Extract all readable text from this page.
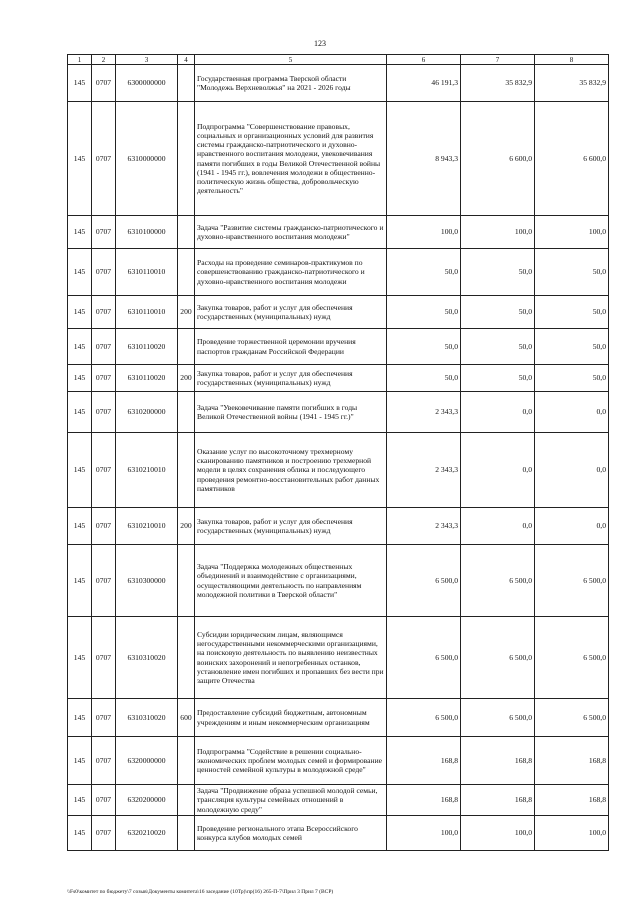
123
1	2	3	4	5	6	7	8
145	0707	6300000000		Государственная программа Тверской области "Молодежь Верхневолжья" на 2021 - 2026 годы	46 191,3	35 832,9	35 832,9
145	0707	6310000000		Подпрограмма "Совершенствование правовых, социальных и организационных условий для развития системы гражданско-патриотического и духовно-нравственного воспитания молодежи, увековечивания памяти погибших в годы Великой Отечественной войны (1941 - 1945 гг.), вовлечения молодежи в общественно-политическую жизнь общества, добровольческую деятельность"	8 943,3	6 600,0	6 600,0
145	0707	6310100000		Задача "Развитие системы гражданско-патриотического и духовно-нравственного воспитания молодежи"	100,0	100,0	100,0
145	0707	6310110010		Расходы на проведение семинаров-практикумов по совершенствованию гражданско-патриотического и духовно-нравственного воспитания молодежи	50,0	50,0	50,0
145	0707	6310110010	200	Закупка товаров, работ и услуг для обеспечения государственных (муниципальных) нужд	50,0	50,0	50,0
145	0707	6310110020		Проведение торжественной церемонии вручения паспортов гражданам Российской Федерации	50,0	50,0	50,0
145	0707	6310110020	200	Закупка товаров, работ и услуг для обеспечения государственных (муниципальных) нужд	50,0	50,0	50,0
145	0707	6310200000		Задача "Увековечивание памяти погибших в годы Великой Отечественной войны (1941 - 1945 гг.)"	2 343,3	0,0	0,0
145	0707	6310210010		Оказание услуг по высокоточному трехмерному сканированию памятников и построению трехмерной модели в целях сохранения облика и последующего проведения ремонтно-восстановительных работ данных памятников	2 343,3	0,0	0,0
145	0707	6310210010	200	Закупка товаров, работ и услуг для обеспечения государственных (муниципальных) нужд	2 343,3	0,0	0,0
145	0707	6310300000		Задача "Поддержка молодежных общественных объединений и взаимодействие с организациями, осуществляющими деятельность по направлениям молодежной политики в Тверской области"	6 500,0	6 500,0	6 500,0
145	0707	6310310020		Субсидии юридическим лицам, являющимся негосударственными некоммерческими организациями, на поисковую деятельность по выявлению неизвестных воинских захоронений и непогребенных останков, установление имен погибших и пропавших без вести при защите Отечества	6 500,0	6 500,0	6 500,0
145	0707	6310310020	600	Предоставление субсидий бюджетным, автономным учреждениям и иным некоммерческим организациям	6 500,0	6 500,0	6 500,0
145	0707	6320000000		Подпрограмма "Содействие в решении социально-экономических проблем молодых семей и формирование ценностей семейной культуры в молодежной среде"	168,8	168,8	168,8
145	0707	6320200000		Задача "Продвижение образа успешной молодой семьи, трансляция культуры семейных отношений в молодежную среду"	168,8	168,8	168,8
145	0707	6320210020		Проведение регионального этапа Всероссийского конкурса клубов молодых семей	100,0	100,0	100,0
\\Fs0\комитет по бюджету\7 созыв\Документы комитета\16 заседание (10Тр)\пр(16) 265-П-7\Прил 3 Прил 7 (ВСР)
